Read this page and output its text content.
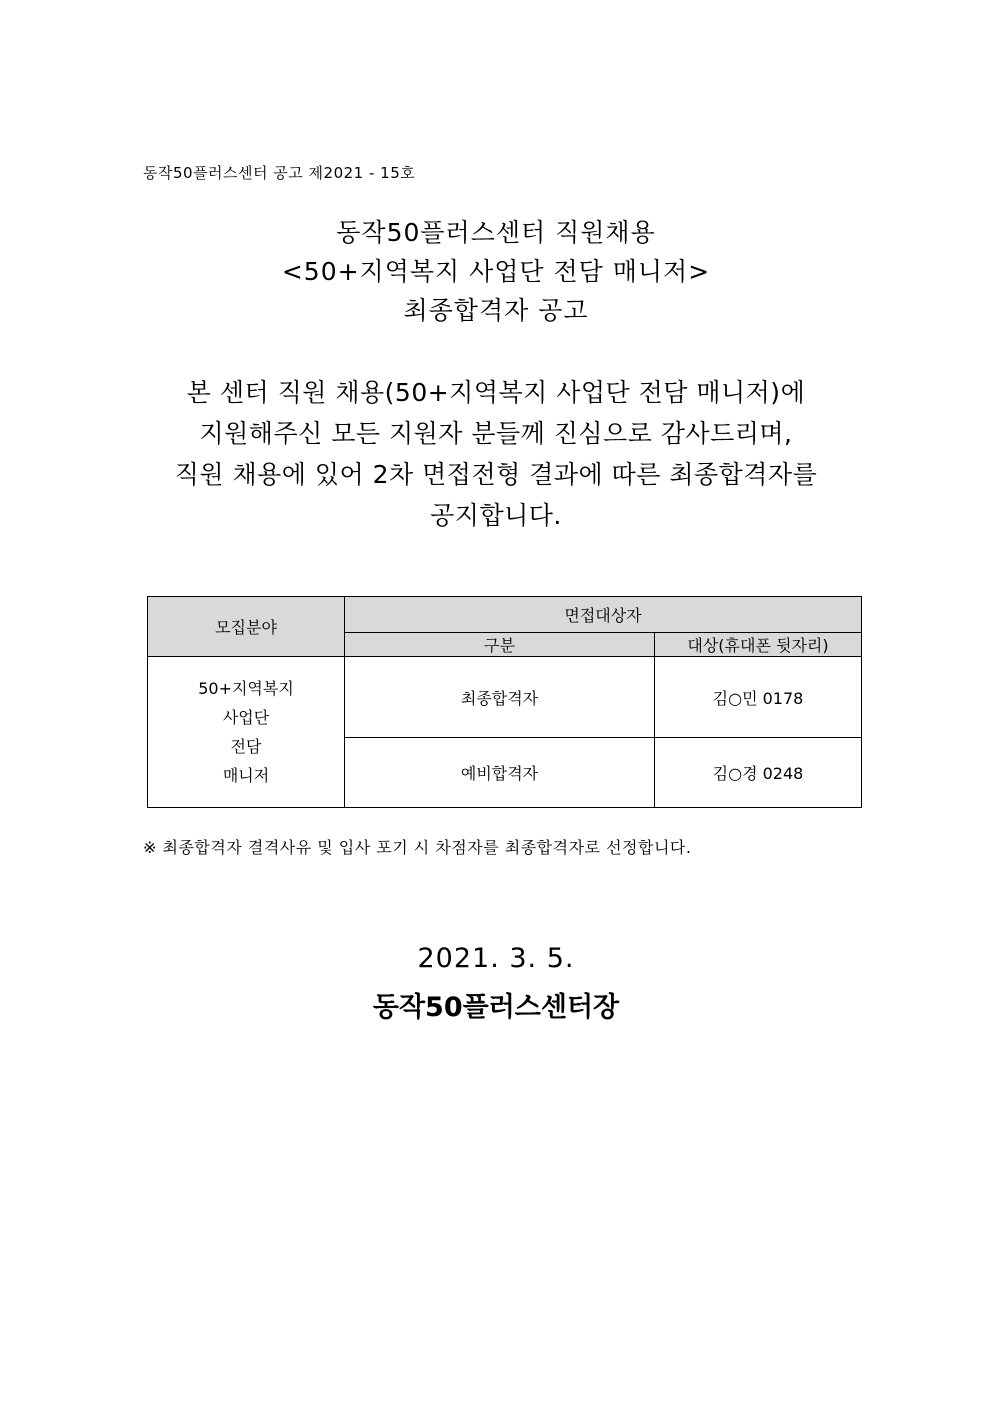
동작50플러스센터 공고 제2021 - 15호
동작50플러스센터 직원채용
<50+지역복지 사업단 전담 매니저>
최종합격자 공고
본 센터 직원 채용(50+지역복지 사업단 전담 매니저)에
지원해주신 모든 지원자 분들께 진심으로 감사드리며,
직원 채용에 있어 2차 면접전형 결과에 따른 최종합격자를
공지합니다.
모집분야	면접대상자	
	구분	대상(휴대폰 뒷자리)

50+지역복지
사업단
전담
매니저	최종합격자	김○민 0178
	예비합격자	김○경 0248
※ 최종합격자 결격사유 및 입사 포기 시 차점자를 최종합격자로 선정합니다.
2021. 3. 5.
동작50플러스센터장
